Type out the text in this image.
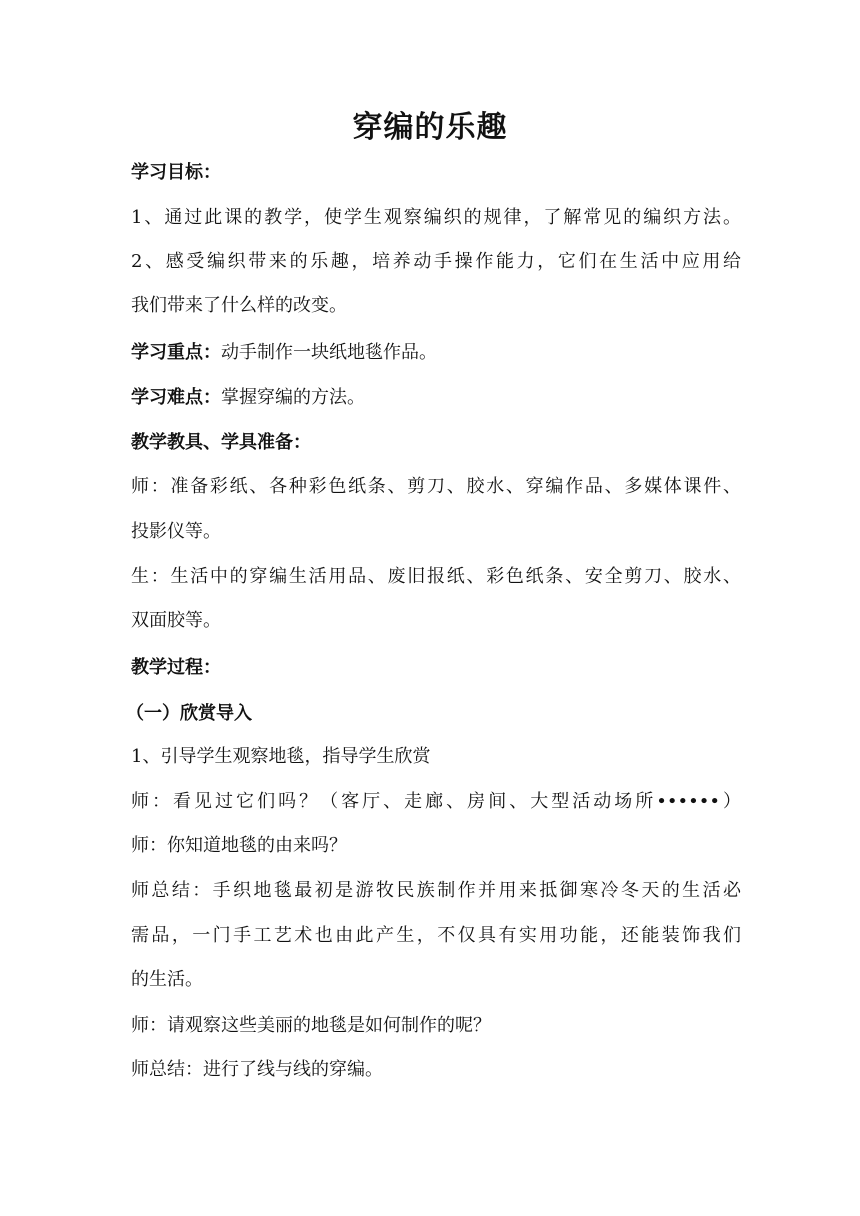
穿编的乐趣
学习目标：
1、通过此课的教学，使学生观察编织的规律，了解常见的编织方法。
2、感受编织带来的乐趣，培养动手操作能力，它们在生活中应用给
我们带来了什么样的改变。
学习重点：动手制作一块纸地毯作品。
学习难点：掌握穿编的方法。
教学教具、学具准备：
师：准备彩纸、各种彩色纸条、剪刀、胶水、穿编作品、多媒体课件、
投影仪等。
生：生活中的穿编生活用品、废旧报纸、彩色纸条、安全剪刀、胶水、
双面胶等。
教学过程：
（一）欣赏导入
1、引导学生观察地毯，指导学生欣赏
师：看见过它们吗？（客厅、走廊、房间、大型活动场所••••••）
师：你知道地毯的由来吗？
师总结：手织地毯最初是游牧民族制作并用来抵御寒冷冬天的生活必
需品，一门手工艺术也由此产生，不仅具有实用功能，还能装饰我们
的生活。
师：请观察这些美丽的地毯是如何制作的呢？
师总结：进行了线与线的穿编。
